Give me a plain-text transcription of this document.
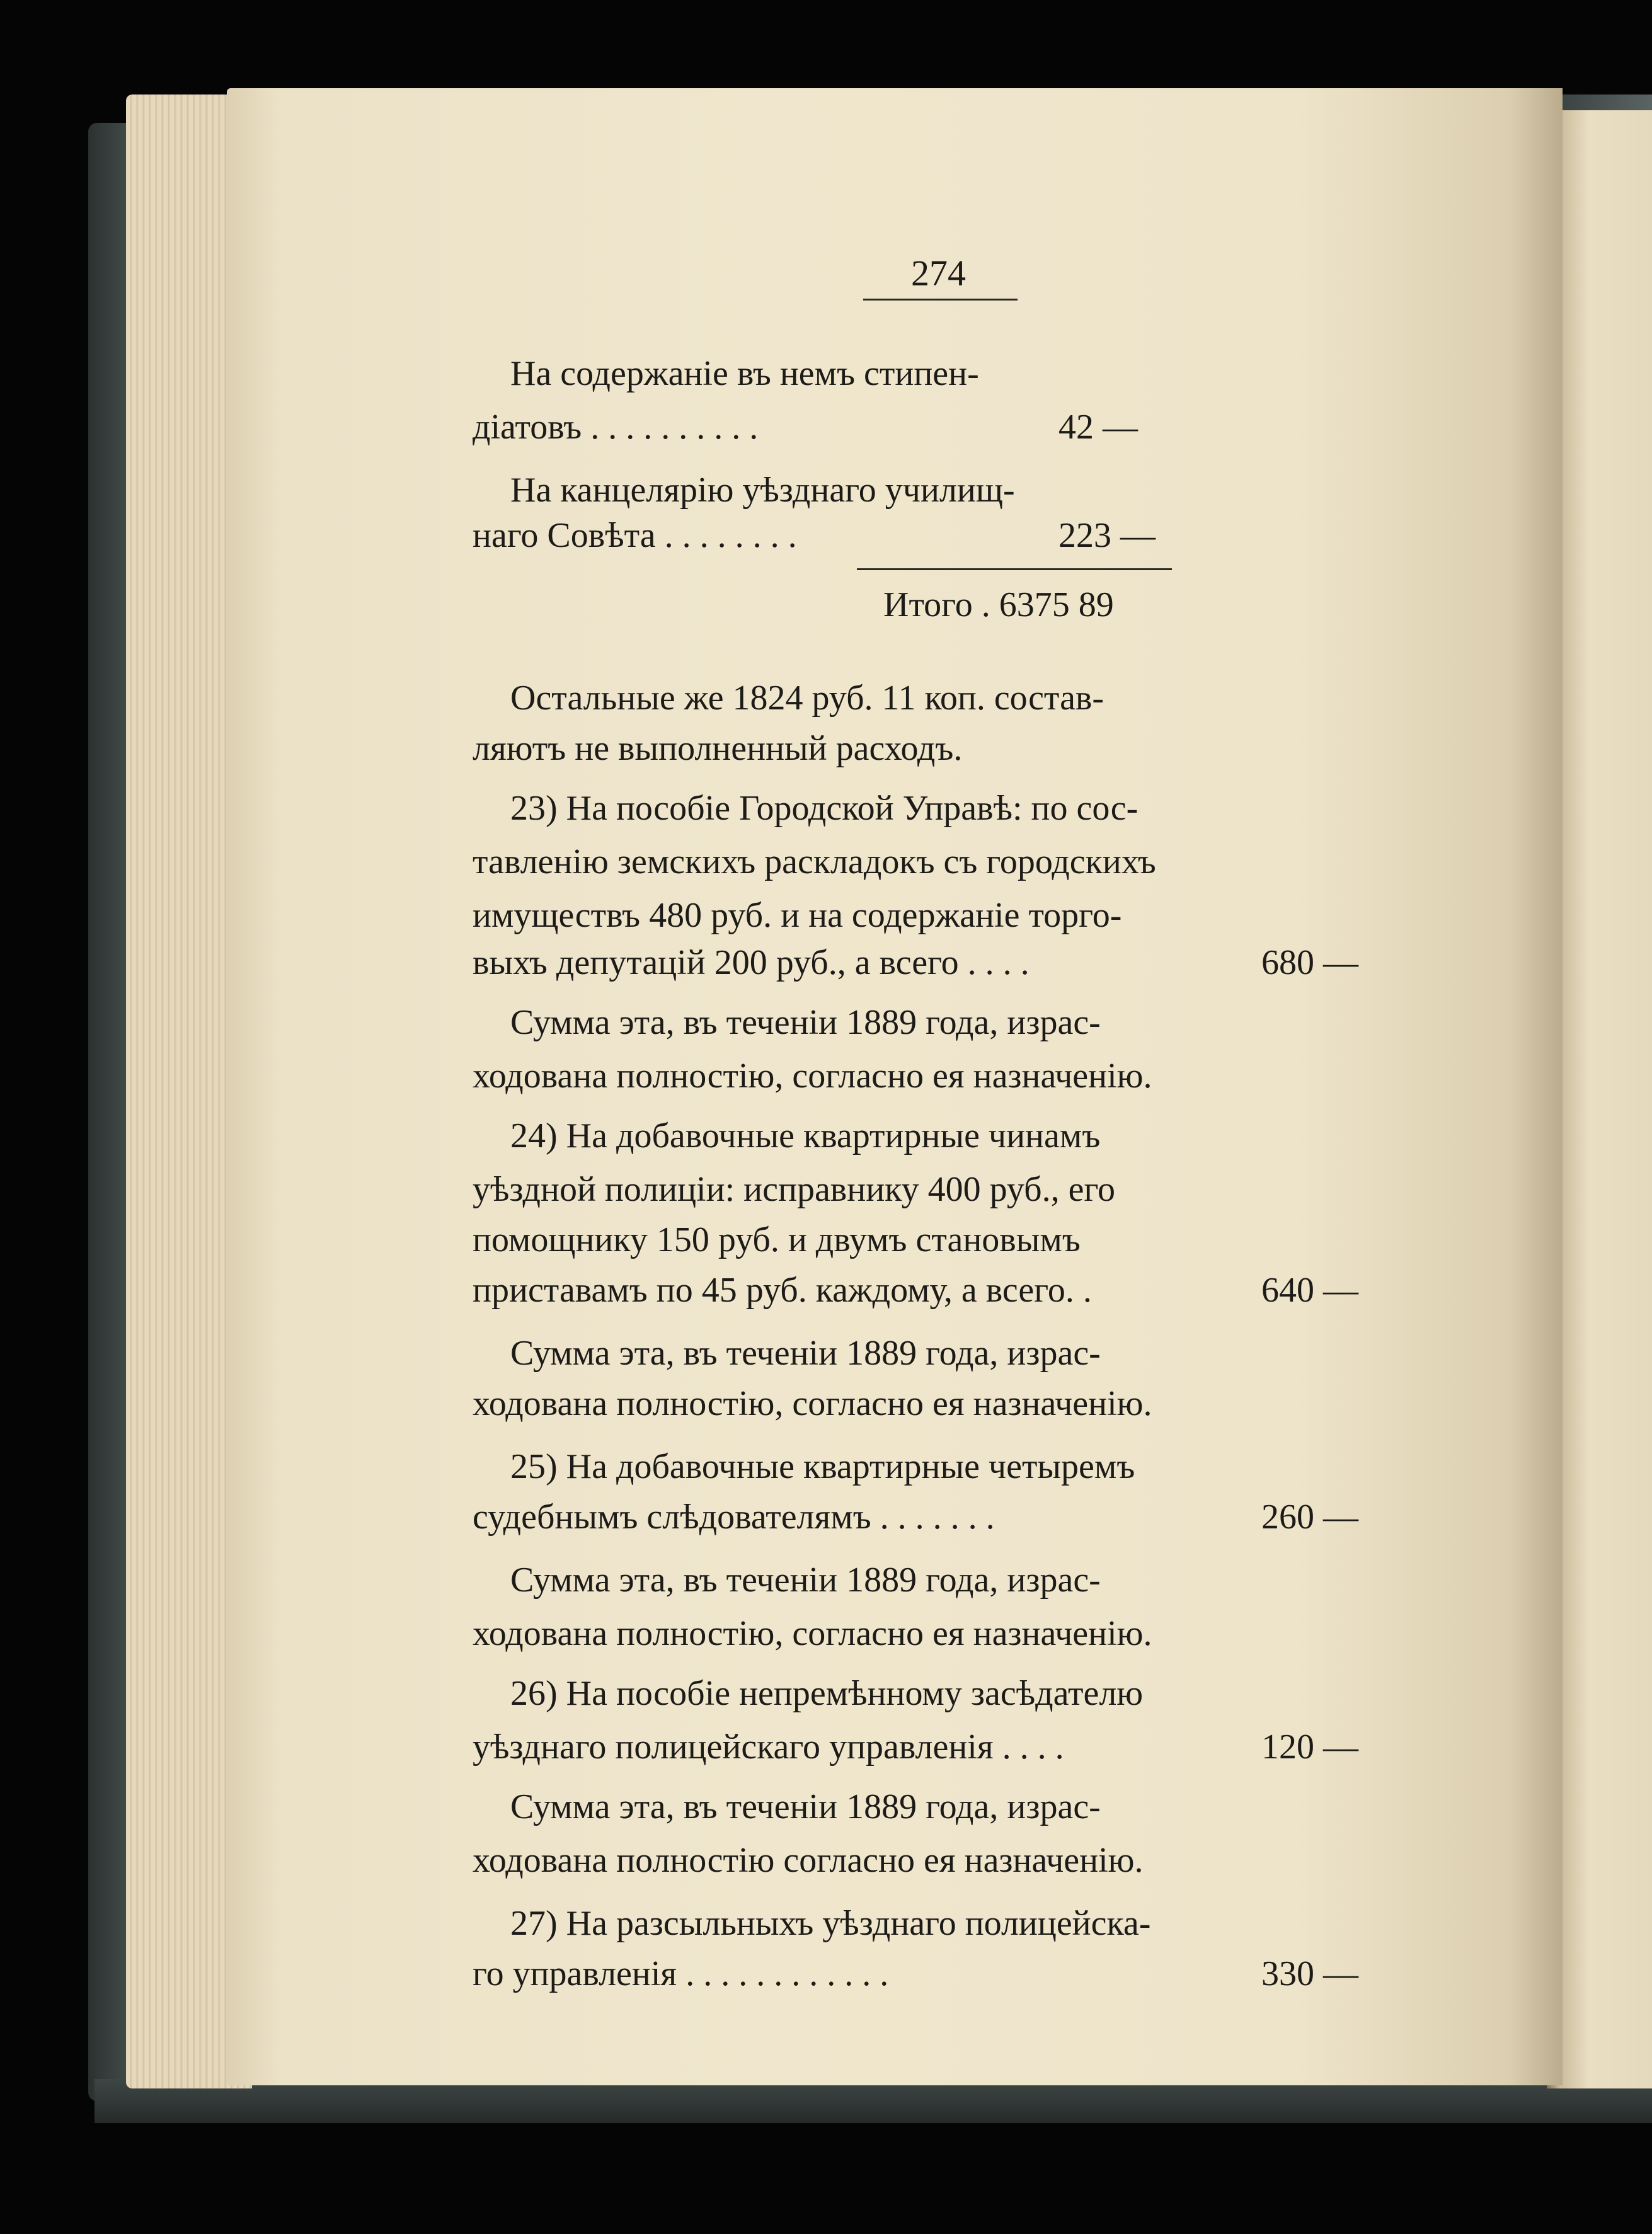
274
На содержаніе въ немъ стипен-
діатовъ . . . . . . . . . .	42 —
На канцелярію уѣзднаго училищ-
наго Совѣта . . . . . . . .	223 —
Итого . 6375 89
Остальные же 1824 руб. 11 коп. состав-
ляютъ не выполненный расходъ.
23) На пособіе Городской Управѣ: по сос-
тавленію земскихъ раскладокъ съ городскихъ
имуществъ 480 руб. и на содержаніе торго-
выхъ депутацій 200 руб., а всего . . . .	680 —
Сумма эта, въ теченіи 1889 года, израс-
ходована полностію, согласно ея назначенію.
24) На добавочные квартирные чинамъ
уѣздной полиціи: исправнику 400 руб., его
помощнику 150 руб. и двумъ становымъ
приставамъ по 45 руб. каждому, а всего. .	640 —
Сумма эта, въ теченіи 1889 года, израс-
ходована полностію, согласно ея назначенію.
25) На добавочные квартирные четыремъ
судебнымъ слѣдователямъ . . . . . . .	260 —
Сумма эта, въ теченіи 1889 года, израс-
ходована полностію, согласно ея назначенію.
26) На пособіе непремѣнному засѣдателю
уѣзднаго полицейскаго управленія . . . .	120 —
Сумма эта, въ теченіи 1889 года, израс-
ходована полностію согласно ея назначенію.
27) На разсыльныхъ уѣзднаго полицейска-
го управленія . . . . . . . . . . . .	330 —
